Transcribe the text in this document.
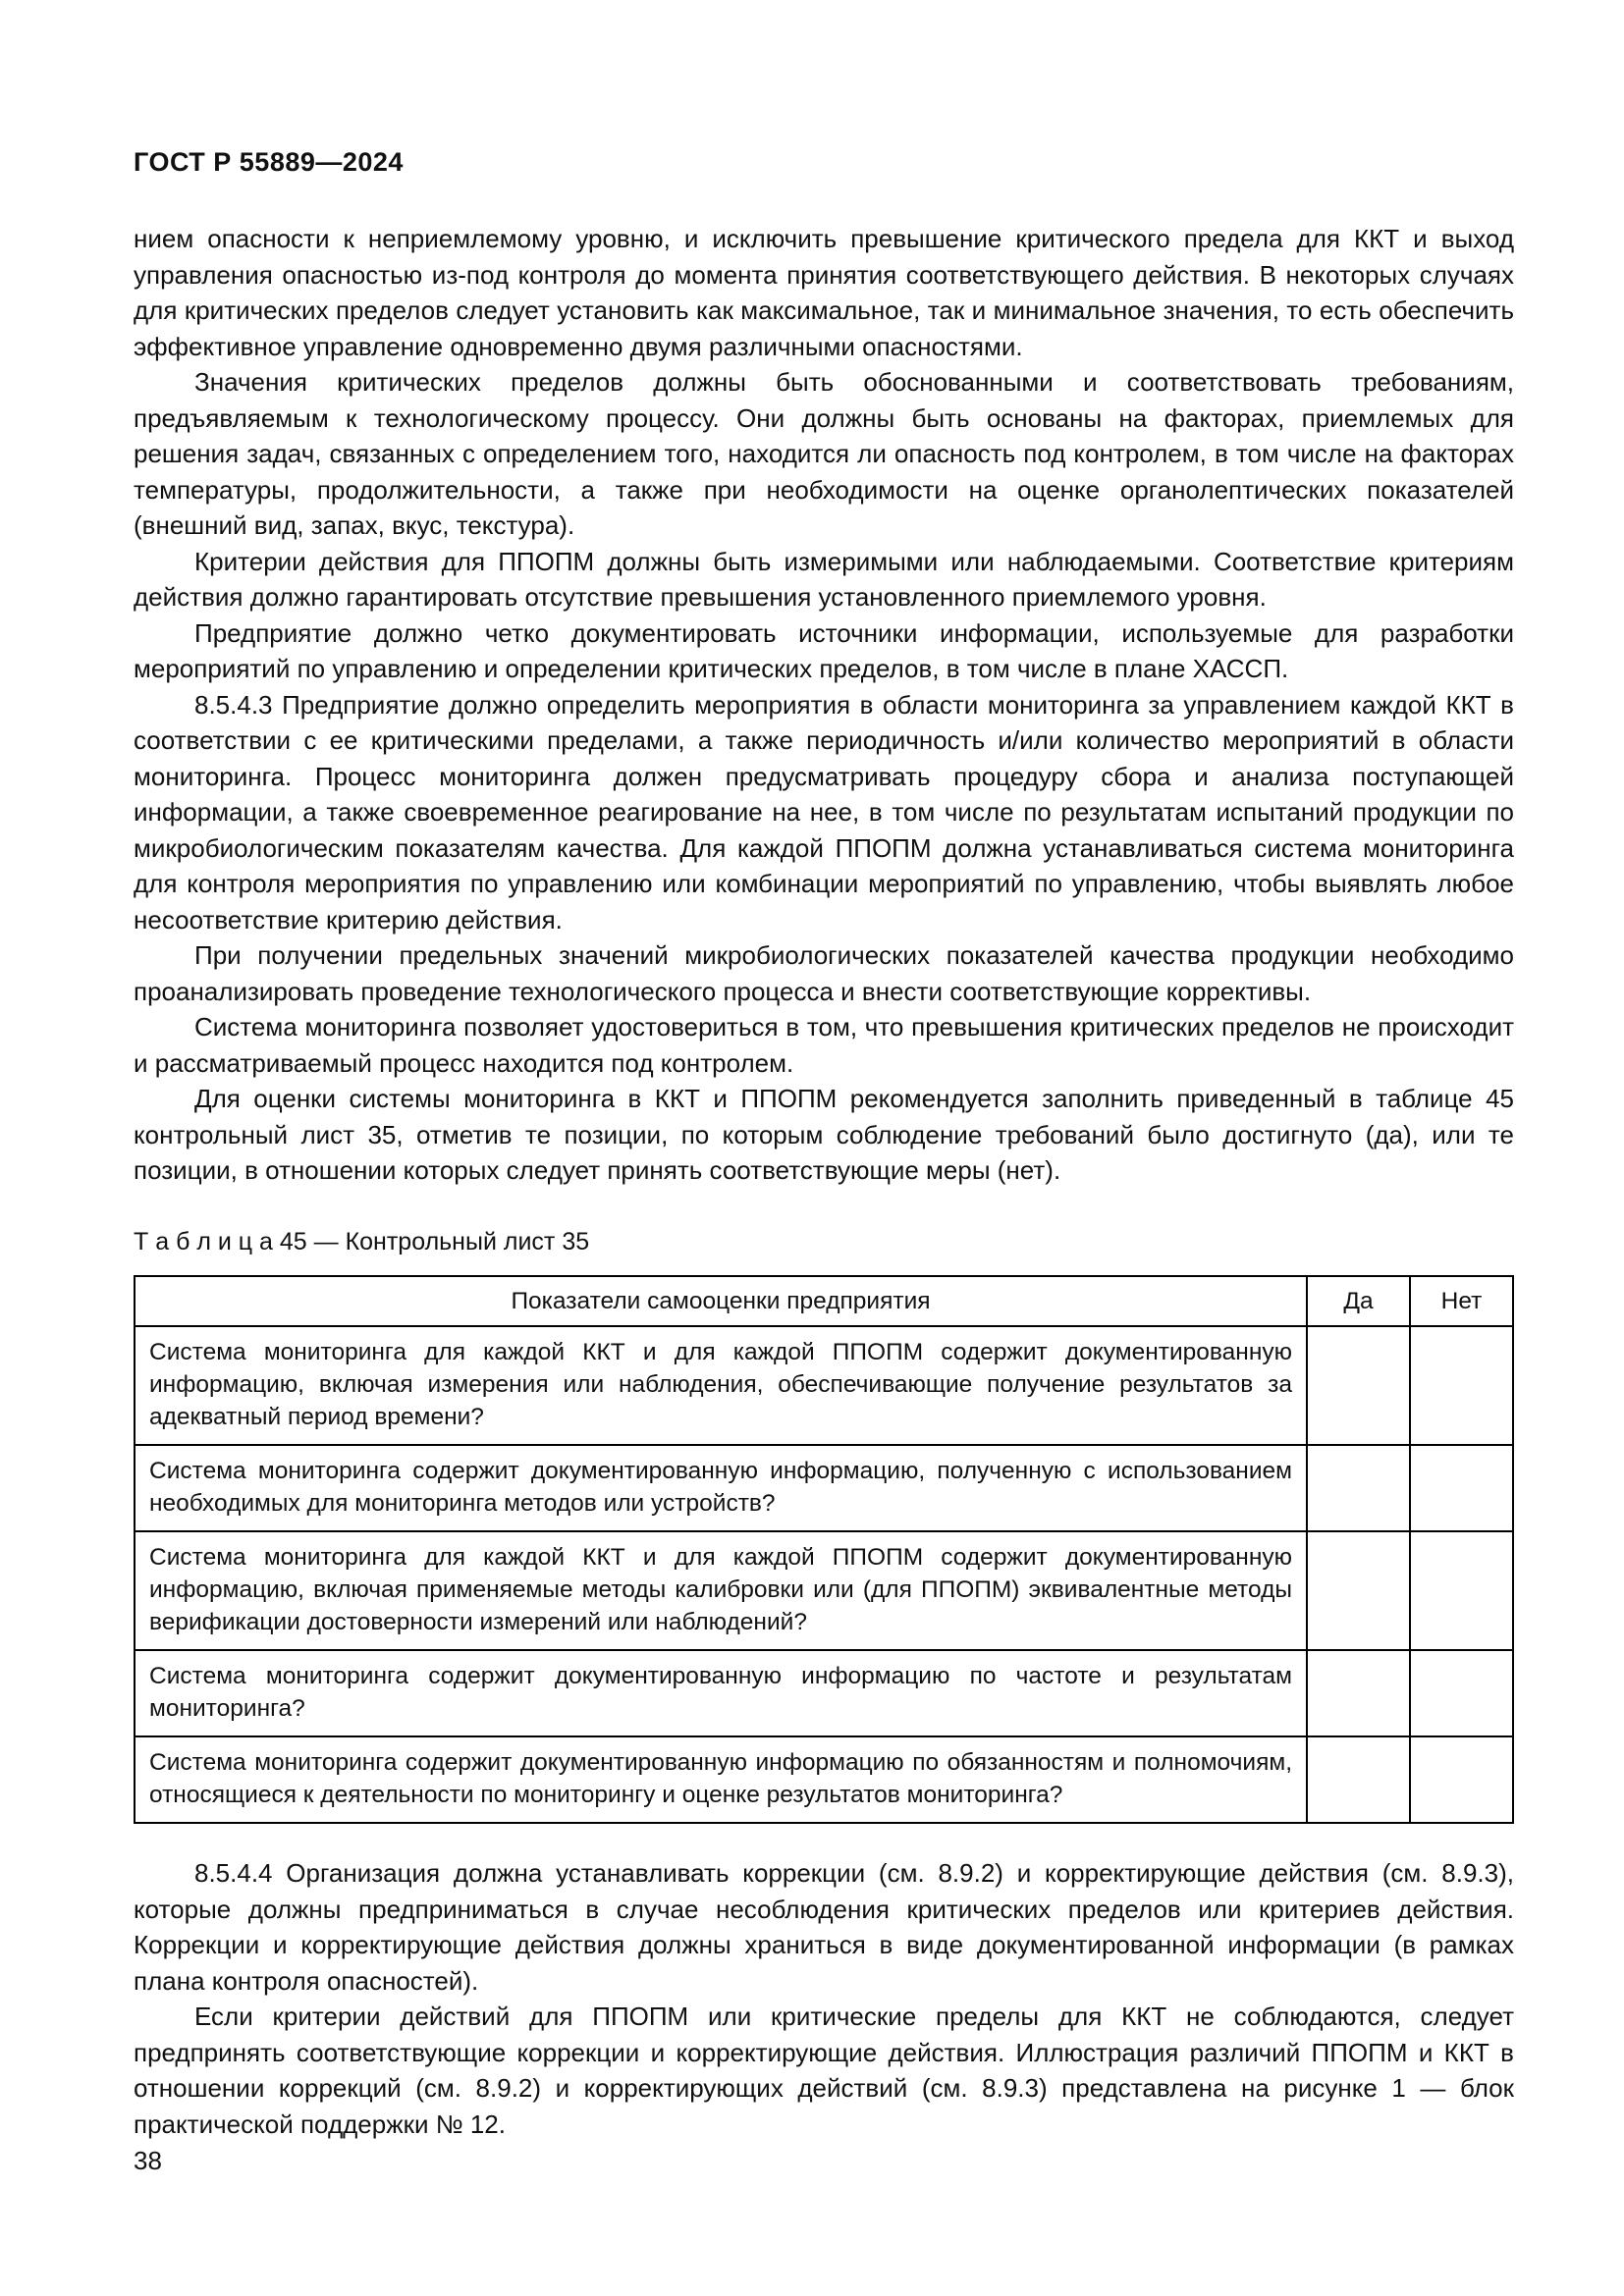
ГОСТ Р 55889—2024

нием опасности к неприемлемому уровню, и исключить превышение критического предела для ККТ и выход управления опасностью из-под контроля до момента принятия соответствующего действия. В некоторых случаях для критических пределов следует установить как максимальное, так и минимальное значения, то есть обеспечить эффективное управление одновременно двумя различными опасностями.

Значения критических пределов должны быть обоснованными и соответствовать требованиям, предъявляемым к технологическому процессу. Они должны быть основаны на факторах, приемлемых для решения задач, связанных с определением того, находится ли опасность под контролем, в том числе на факторах температуры, продолжительности, а также при необходимости на оценке органолептических показателей (внешний вид, запах, вкус, текстура).

Критерии действия для ППОПМ должны быть измеримыми или наблюдаемыми. Соответствие критериям действия должно гарантировать отсутствие превышения установленного приемлемого уровня.

Предприятие должно четко документировать источники информации, используемые для разработки мероприятий по управлению и определении критических пределов, в том числе в плане ХАССП.

8.5.4.3 Предприятие должно определить мероприятия в области мониторинга за управлением каждой ККТ в соответствии с ее критическими пределами, а также периодичность и/или количество мероприятий в области мониторинга. Процесс мониторинга должен предусматривать процедуру сбора и анализа поступающей информации, а также своевременное реагирование на нее, в том числе по результатам испытаний продукции по микробиологическим показателям качества. Для каждой ППОПМ должна устанавливаться система мониторинга для контроля мероприятия по управлению или комбинации мероприятий по управлению, чтобы выявлять любое несоответствие критерию действия.

При получении предельных значений микробиологических показателей качества продукции необходимо проанализировать проведение технологического процесса и внести соответствующие коррективы.

Система мониторинга позволяет удостовериться в том, что превышения критических пределов не происходит и рассматриваемый процесс находится под контролем.

Для оценки системы мониторинга в ККТ и ППОПМ рекомендуется заполнить приведенный в таблице 45 контрольный лист 35, отметив те позиции, по которым соблюдение требований было достигнуто (да), или те позиции, в отношении которых следует принять соответствующие меры (нет).

Т а б л и ц а 45 — Контрольный лист 35

Показатели самооценки предприятия	Да	Нет
Система мониторинга для каждой ККТ и для каждой ППОПМ содержит документированную информацию, включая измерения или наблюдения, обеспечивающие получение результатов за адекватный период времени?		
Система мониторинга содержит документированную информацию, полученную с использованием необходимых для мониторинга методов или устройств?		
Система мониторинга для каждой ККТ и для каждой ППОПМ содержит документированную информацию, включая применяемые методы калибровки или (для ППОПМ) эквивалентные методы верификации достоверности измерений или наблюдений?		
Система мониторинга содержит документированную информацию по частоте и результатам мониторинга?		
Система мониторинга содержит документированную информацию по обязанностям и полномочиям, относящиеся к деятельности по мониторингу и оценке результатов мониторинга?		

8.5.4.4 Организация должна устанавливать коррекции (см. 8.9.2) и корректирующие действия (см. 8.9.3), которые должны предприниматься в случае несоблюдения критических пределов или критериев действия. Коррекции и корректирующие действия должны храниться в виде документированной информации (в рамках плана контроля опасностей).

Если критерии действий для ППОПМ или критические пределы для ККТ не соблюдаются, следует предпринять соответствующие коррекции и корректирующие действия. Иллюстрация различий ППОПМ и ККТ в отношении коррекций (см. 8.9.2) и корректирующих действий (см. 8.9.3) представлена на рисунке 1 — блок практической поддержки № 12.

38
